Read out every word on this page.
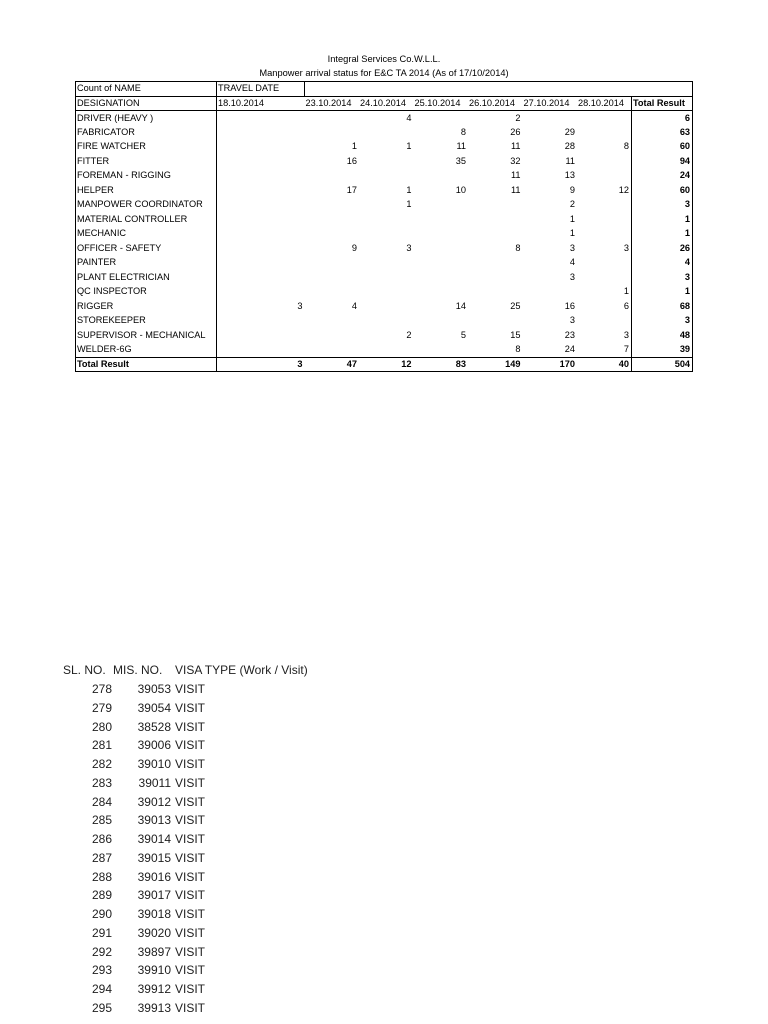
Integral Services Co.W.L.L.
Manpower arrival status for E&C TA 2014 (As of 17/10/2014)
Count of NAME	TRAVEL DATE							
DESIGNATION	18.10.2014	23.10.2014	24.10.2014	25.10.2014	26.10.2014	27.10.2014	28.10.2014	Total Result
DRIVER (HEAVY )			4		2			6
FABRICATOR				8	26	29		63
FIRE WATCHER		1	1	11	11	28	8	60
FITTER		16		35	32	11		94
FOREMAN - RIGGING					11	13		24
HELPER		17	1	10	11	9	12	60
MANPOWER COORDINATOR			1			2		3
MATERIAL CONTROLLER						1		1
MECHANIC						1		1
OFFICER - SAFETY		9	3		8	3	3	26
PAINTER						4		4
PLANT ELECTRICIAN						3		3
QC INSPECTOR							1	1
RIGGER	3	4		14	25	16	6	68
STOREKEEPER						3		3
SUPERVISOR - MECHANICAL			2	5	15	23	3	48
WELDER-6G					8	24	7	39
Total Result	3	47	12	83	149	170	40	504
SL. NO.	MIS. NO.	VISA TYPE (Work / Visit)
278	39053	VISIT
279	39054	VISIT
280	38528	VISIT
281	39006	VISIT
282	39010	VISIT
283	39011	VISIT
284	39012	VISIT
285	39013	VISIT
286	39014	VISIT
287	39015	VISIT
288	39016	VISIT
289	39017	VISIT
290	39018	VISIT
291	39020	VISIT
292	39897	VISIT
293	39910	VISIT
294	39912	VISIT
295	39913	VISIT
